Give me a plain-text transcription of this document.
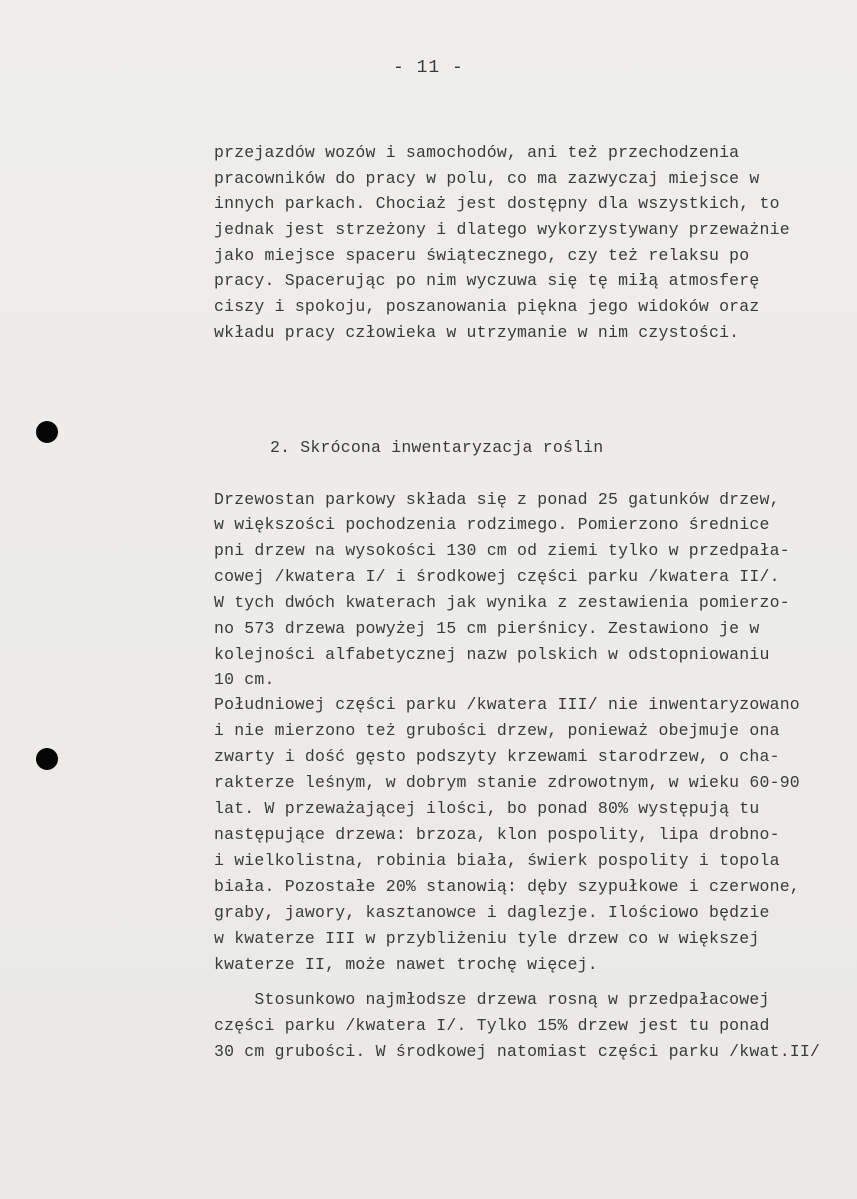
- 11 -
przejazdów wozów i samochodów, ani też przechodzenia
pracowników do pracy w polu, co ma zazwyczaj miejsce w
innych parkach. Chociaż jest dostępny dla wszystkich, to
jednak jest strzeżony i dlatego wykorzystywany przeważnie
jako miejsce spaceru świątecznego, czy też relaksu po
pracy. Spacerując po nim wyczuwa się tę miłą atmosferę
ciszy i spokoju, poszanowania piękna jego widoków oraz
wkładu pracy człowieka w utrzymanie w nim czystości.
2. Skrócona inwentaryzacja roślin
Drzewostan parkowy składa się z ponad 25 gatunków drzew,
w większości pochodzenia rodzimego. Pomierzono średnice
pni drzew na wysokości 130 cm od ziemi tylko w przedpała-
cowej /kwatera I/ i środkowej części parku /kwatera II/.
W tych dwóch kwaterach jak wynika z zestawienia pomierzo-
no 573 drzewa powyżej 15 cm pierśnicy. Zestawiono je w
kolejności alfabetycznej nazw polskich w odstopniowaniu
10 cm.
Południowej części parku /kwatera III/ nie inwentaryzowano
i nie mierzono też grubości drzew, ponieważ obejmuje ona
zwarty i dość gęsto podszyty krzewami starodrzew, o cha-
rakterze leśnym, w dobrym stanie zdrowotnym, w wieku 60-90
lat. W przeważającej ilości, bo ponad 80% występują tu
następujące drzewa: brzoza, klon pospolity, lipa drobno-
i wielkolistna, robinia biała, świerk pospolity i topola
biała. Pozostałe 20% stanowią: dęby szypułkowe i czerwone,
graby, jawory, kasztanowce i daglezje. Ilościowo będzie
w kwaterze III w przybliżeniu tyle drzew co w większej
kwaterze II, może nawet trochę więcej.
Stosunkowo najmłodsze drzewa rosną w przedpałacowej
części parku /kwatera I/. Tylko 15% drzew jest tu ponad
30 cm grubości. W środkowej natomiast części parku /kwat.II/
